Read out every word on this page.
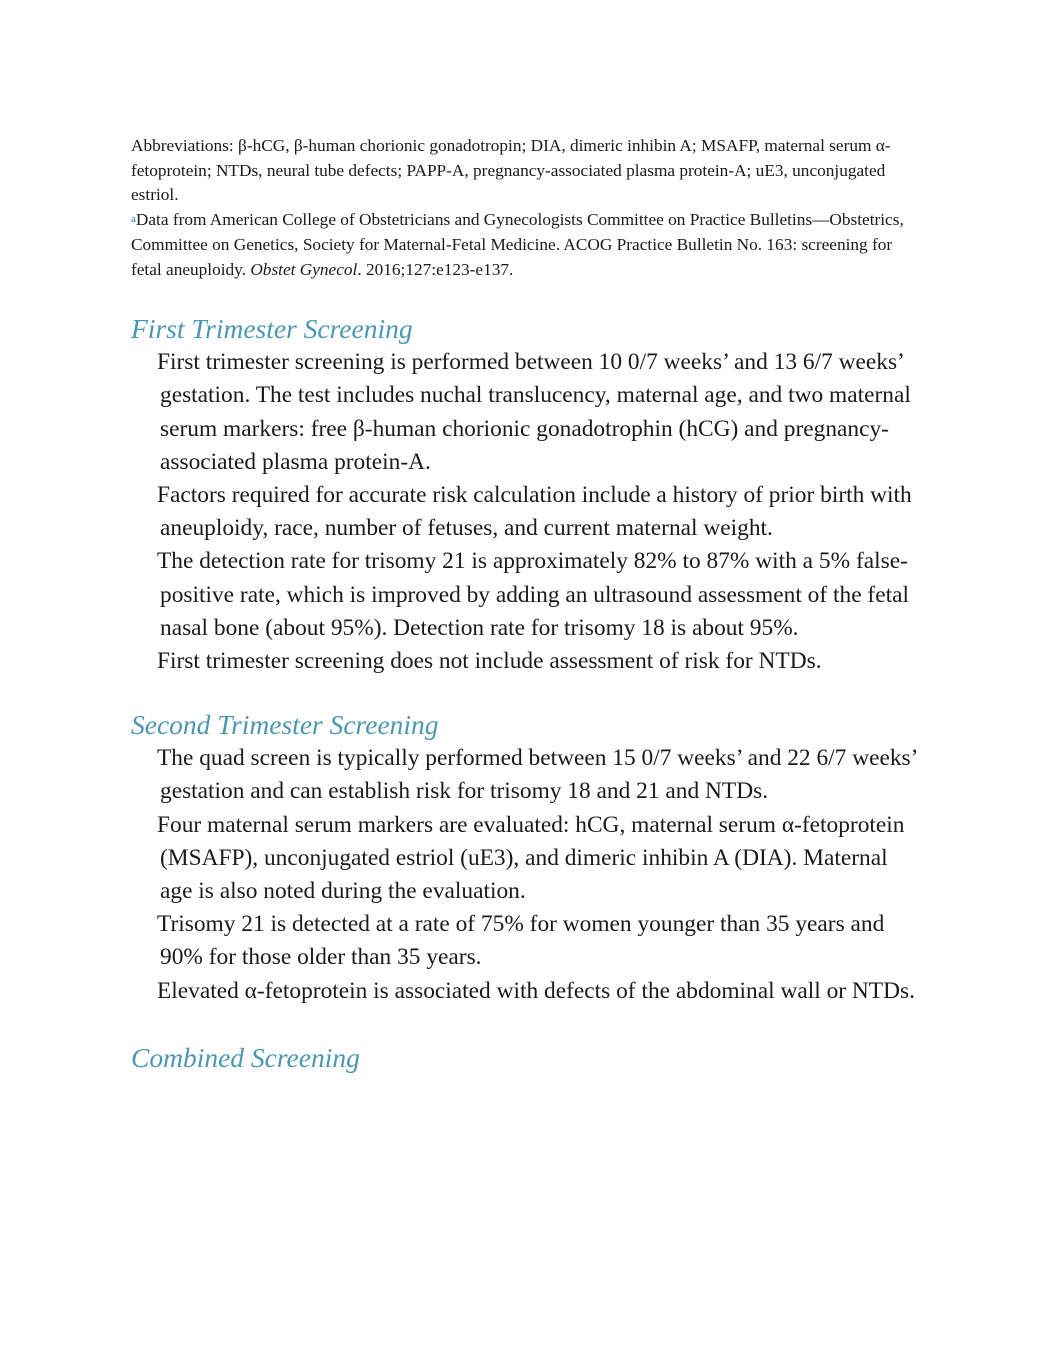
Abbreviations: β-hCG, β-human chorionic gonadotropin; DIA, dimeric inhibin A; MSAFP, maternal serum α-fetoprotein; NTDs, neural tube defects; PAPP-A, pregnancy-associated plasma protein-A; uE3, unconjugated estriol.

$^a$Data from American College of Obstetricians and Gynecologists Committee on Practice Bulletins—Obstetrics, Committee on Genetics, Society for Maternal-Fetal Medicine. ACOG Practice Bulletin No. 163: screening for fetal aneuploidy. Obstet Gynecol. 2016;127:e123-e137.

First Trimester Screening
First trimester screening is performed between 10 0/7 weeks’ and 13 6/7 weeks’ gestation. The test includes nuchal translucency, maternal age, and two maternal serum markers: free β-human chorionic gonadotrophin (hCG) and pregnancy-associated plasma protein-A.
Factors required for accurate risk calculation include a history of prior birth with aneuploidy, race, number of fetuses, and current maternal weight.
The detection rate for trisomy 21 is approximately 82% to 87% with a 5% false-positive rate, which is improved by adding an ultrasound assessment of the fetal nasal bone (about 95%). Detection rate for trisomy 18 is about 95%.
First trimester screening does not include assessment of risk for NTDs.
Second Trimester Screening
The quad screen is typically performed between 15 0/7 weeks’ and 22 6/7 weeks’ gestation and can establish risk for trisomy 18 and 21 and NTDs.
Four maternal serum markers are evaluated: hCG, maternal serum α-fetoprotein (MSAFP), unconjugated estriol (uE3), and dimeric inhibin A (DIA). Maternal age is also noted during the evaluation.
Trisomy 21 is detected at a rate of 75% for women younger than 35 years and 90% for those older than 35 years.
Elevated α-fetoprotein is associated with defects of the abdominal wall or NTDs.
Combined Screening
